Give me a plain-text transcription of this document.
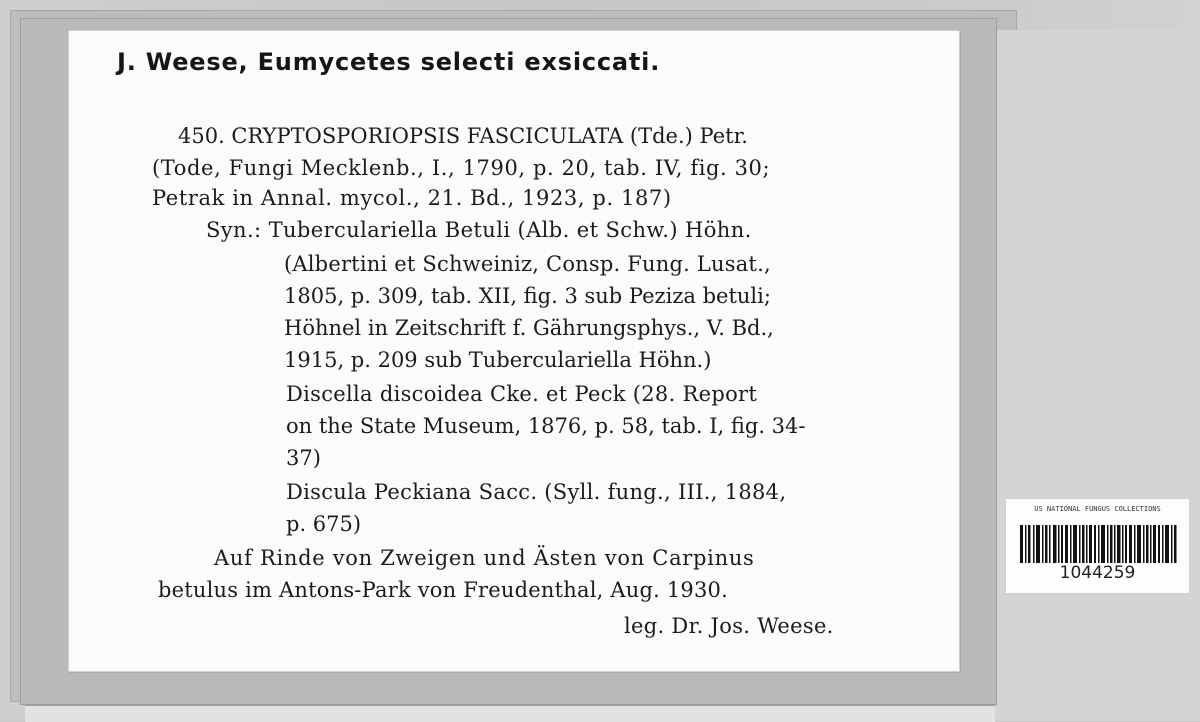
J. Weese, Eumycetes selecti exsiccati.
450. CRYPTOSPORIOPSIS FASCICULATA (Tde.) Petr.
(Tode, Fungi Mecklenb., I., 1790, p. 20, tab. IV, fig. 30;
Petrak in Annal. mycol., 21. Bd., 1923, p. 187)
Syn.: Tuberculariella Betuli (Alb. et Schw.) Höhn.
(Albertini et Schweiniz, Consp. Fung. Lusat.,
1805, p. 309, tab. XII, fig. 3 sub Peziza betuli;
Höhnel in Zeitschrift f. Gährungsphys., V. Bd.,
1915, p. 209 sub Tuberculariella Höhn.)
Discella discoidea Cke. et Peck (28. Report
on the State Museum, 1876, p. 58, tab. I, fig. 34-
37)
Discula Peckiana Sacc. (Syll. fung., III., 1884,
p. 675)
Auf Rinde von Zweigen und Ästen von Carpinus
betulus im Antons-Park von Freudenthal, Aug. 1930.
leg. Dr. Jos. Weese.
US NATIONAL FUNGUS COLLECTIONS
1044259
